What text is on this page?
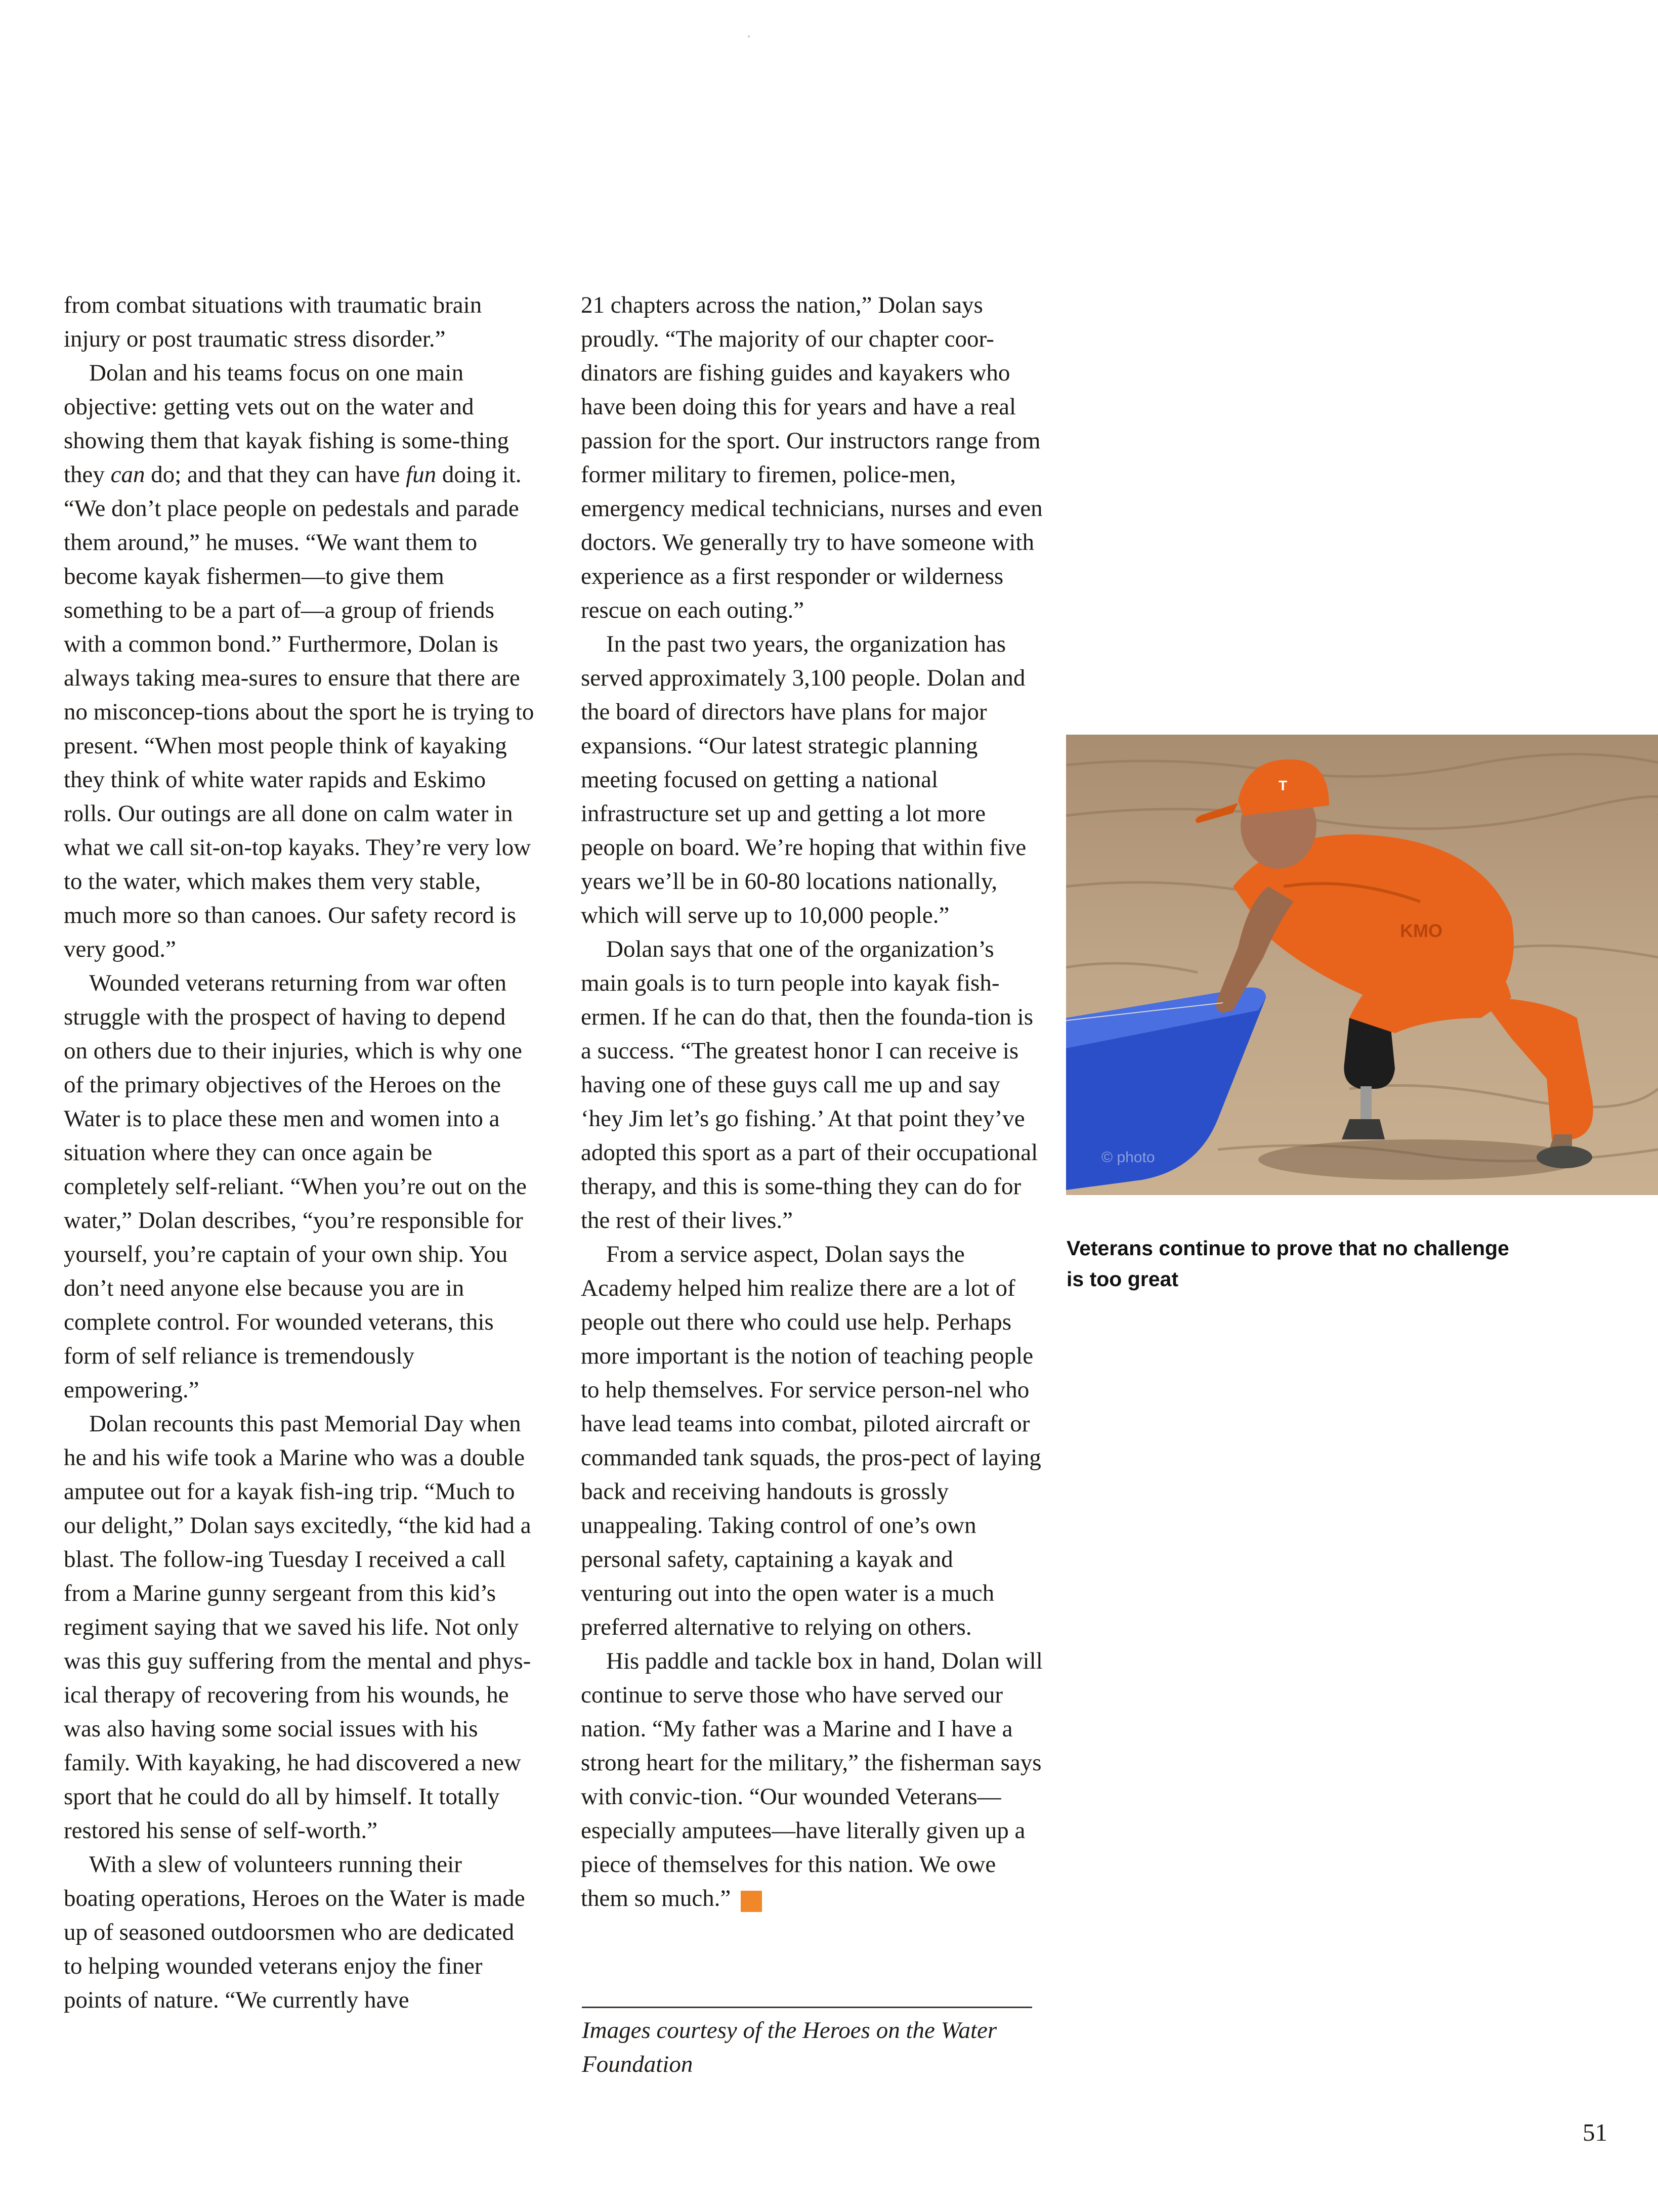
from combat situations with traumatic brain injury or post traumatic stress disorder.”

Dolan and his teams focus on one main objective: getting vets out on the water and showing them that kayak fishing is some-thing they can do; and that they can have fun doing it. “We don’t place people on pedestals and parade them around,” he muses. “We want them to become kayak fishermen—to give them something to be a part of—a group of friends with a common bond.” Furthermore, Dolan is always taking mea-sures to ensure that there are no misconcep-tions about the sport he is trying to present. “When most people think of kayaking they think of white water rapids and Eskimo rolls. Our outings are all done on calm water in what we call sit-on-top kayaks. They’re very low to the water, which makes them very stable, much more so than canoes. Our safety record is very good.”

Wounded veterans returning from war often struggle with the prospect of having to depend on others due to their injuries, which is why one of the primary objectives of the Heroes on the Water is to place these men and women into a situation where they can once again be completely self-reliant. “When you’re out on the water,” Dolan describes, “you’re responsible for yourself, you’re captain of your own ship. You don’t need anyone else because you are in complete control. For wounded veterans, this form of self reliance is tremendously empowering.”

Dolan recounts this past Memorial Day when he and his wife took a Marine who was a double amputee out for a kayak fish-ing trip. “Much to our delight,” Dolan says excitedly, “the kid had a blast. The follow-ing Tuesday I received a call from a Marine gunny sergeant from this kid’s regiment saying that we saved his life. Not only was this guy suffering from the mental and phys-ical therapy of recovering from his wounds, he was also having some social issues with his family. With kayaking, he had discovered a new sport that he could do all by himself. It totally restored his sense of self-worth.”

With a slew of volunteers running their boating operations, Heroes on the Water is made up of seasoned outdoorsmen who are dedicated to helping wounded veterans enjoy the finer points of nature. “We currently have

21 chapters across the nation,” Dolan says proudly. “The majority of our chapter coor-dinators are fishing guides and kayakers who have been doing this for years and have a real passion for the sport. Our instructors range from former military to firemen, police-men, emergency medical technicians, nurses and even doctors. We generally try to have someone with experience as a first responder or wilderness rescue on each outing.”

In the past two years, the organization has served approximately 3,100 people. Dolan and the board of directors have plans for major expansions. “Our latest strategic planning meeting focused on getting a national infrastructure set up and getting a lot more people on board. We’re hoping that within five years we’ll be in 60-80 locations nationally, which will serve up to 10,000 people.”

Dolan says that one of the organization’s main goals is to turn people into kayak fish-ermen. If he can do that, then the founda-tion is a success. “The greatest honor I can receive is having one of these guys call me up and say ‘hey Jim let’s go fishing.’ At that point they’ve adopted this sport as a part of their occupational therapy, and this is some-thing they can do for the rest of their lives.”

From a service aspect, Dolan says the Academy helped him realize there are a lot of people out there who could use help. Perhaps more important is the notion of teaching people to help themselves. For service person-nel who have lead teams into combat, piloted aircraft or commanded tank squads, the pros-pect of laying back and receiving handouts is grossly unappealing. Taking control of one’s own personal safety, captaining a kayak and venturing out into the open water is a much preferred alternative to relying on others.

His paddle and tackle box in hand, Dolan will continue to serve those who have served our nation. “My father was a Marine and I have a strong heart for the military,” the fisherman says with convic-tion. “Our wounded Veterans—especially amputees—have literally given up a piece of themselves for this nation. We owe them so much.” ✓

Images courtesy of the Heroes on the Water Foundation
T
KMO
© photo
Veterans continue to prove that no challenge is too great
51
